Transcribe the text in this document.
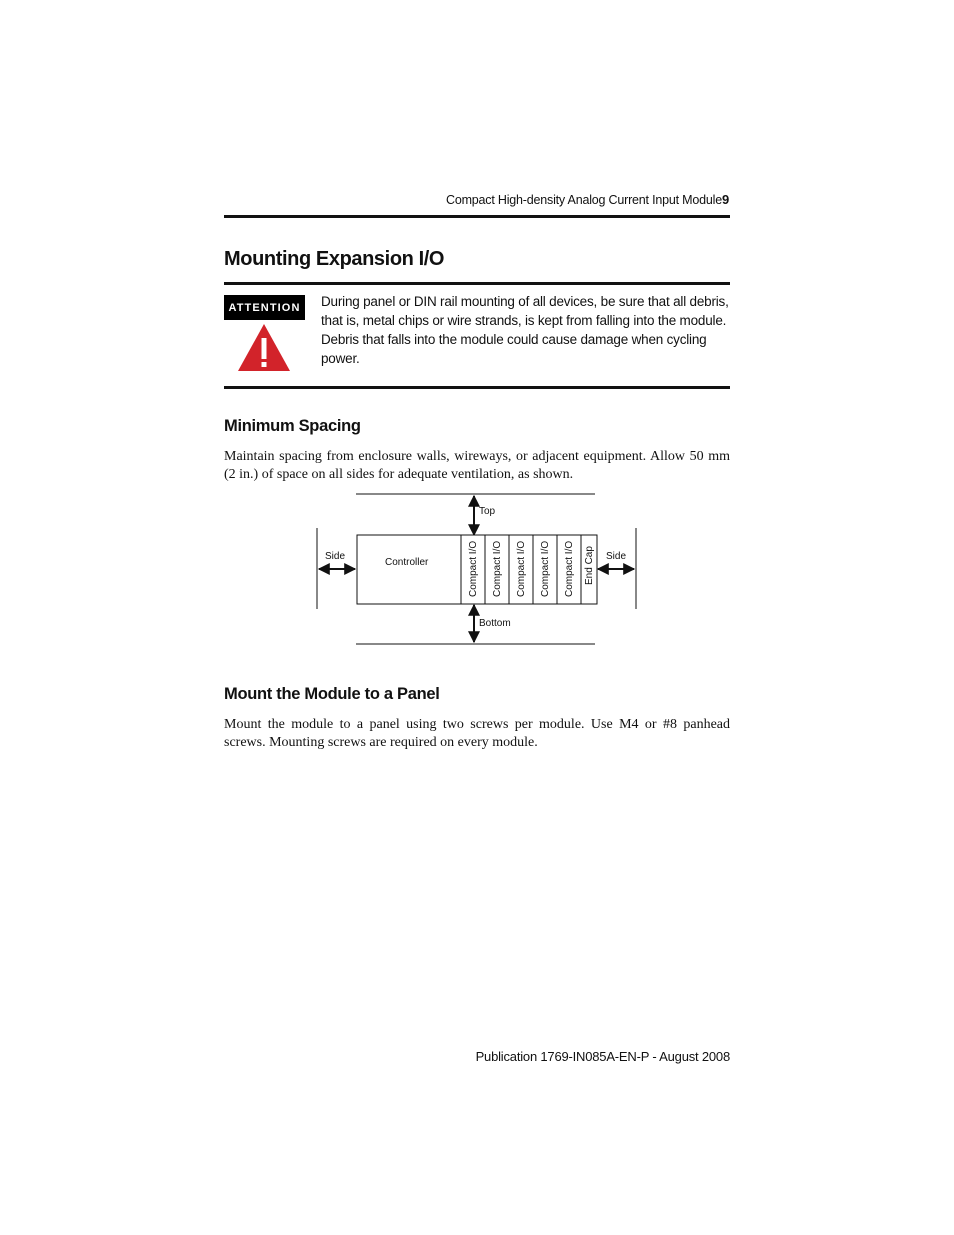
Compact High-density Analog Current Input Module 9
Mounting Expansion I/O
ATTENTION	During panel or DIN rail mounting of all devices, be sure that all debris, that is, metal chips or wire strands, is kept from falling into the module. Debris that falls into the module could cause damage when cycling power.
Minimum Spacing
Maintain spacing from enclosure walls, wireways, or adjacent equipment. Allow 50 mm (2 in.) of space on all sides for adequate ventilation, as shown.
Top
Bottom
Side	Side
Controller	Compact I/O Compact I/O Compact I/O Compact I/O Compact I/O End Cap
Mount the Module to a Panel
Mount the module to a panel using two screws per module. Use M4 or #8 panhead screws. Mounting screws are required on every module.
Publication 1769-IN085A-EN-P - August 2008
